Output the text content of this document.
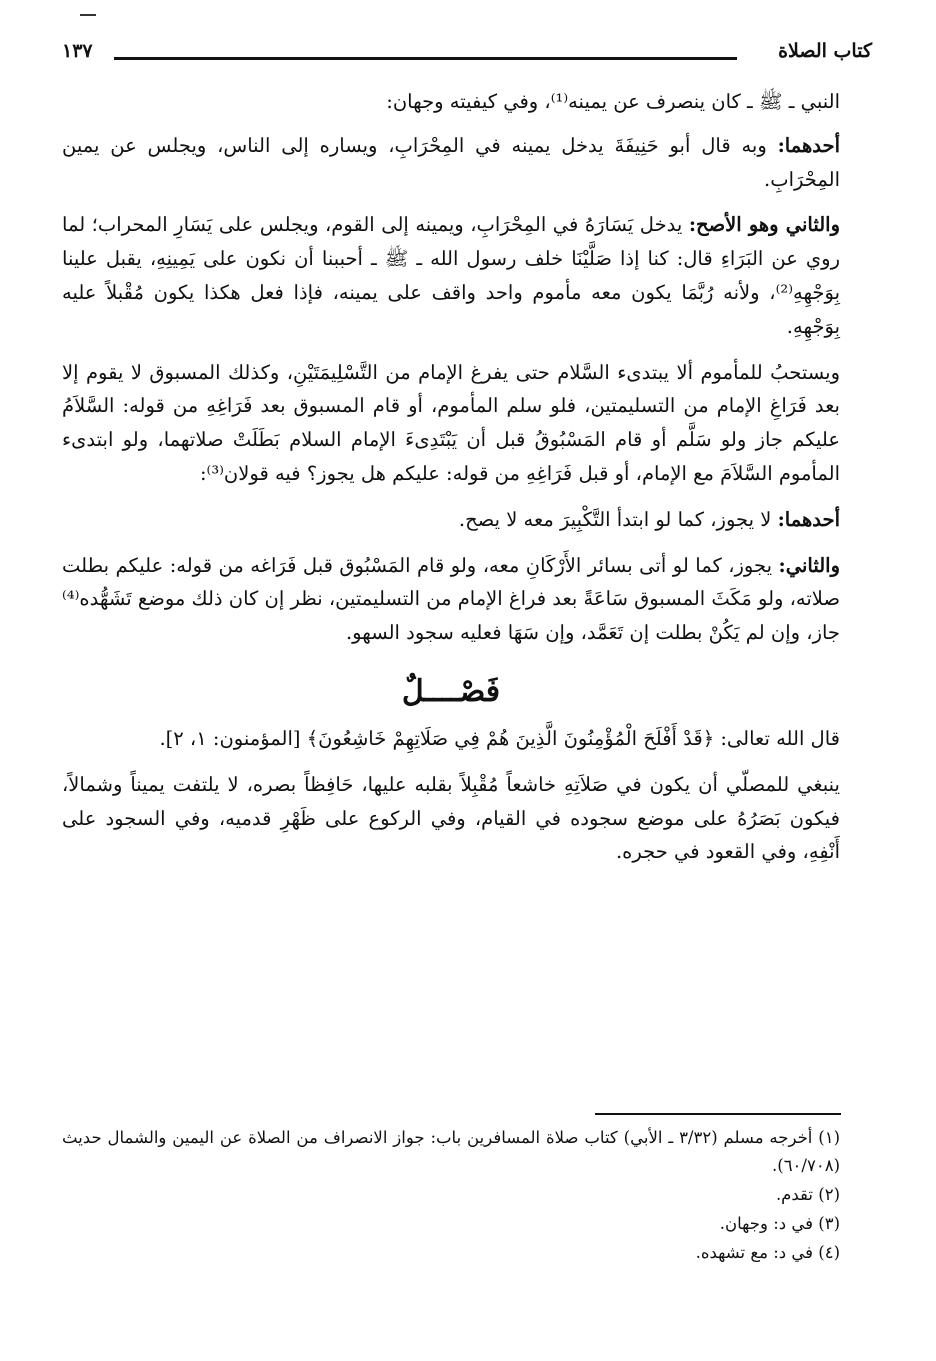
كتاب الصلاة
١٣٧

النبي ـ ﷺ ـ كان ينصرف عن يمينه⁽¹⁾، وفي كيفيته وجهان:

أحدهما: وبه قال أبو حَنِيفَةَ يدخل يمينه في المِحْرَابِ، ويساره إلى الناس، ويجلس عن يمين المِحْرَابِ.

والثاني وهو الأصح: يدخل يَسَارَهُ في المِحْرَابِ، ويمينه إلى القوم، ويجلس على يَسَارِ المحراب؛ لما روي عن البَرَاءِ قال: كنا إذا صَلَّيْنَا خلف رسول الله ـ ﷺ ـ أحببنا أن نكون على يَمِينِهِ، يقبل علينا بِوَجْهِهِ⁽²⁾، ولأنه رُبَّمَا يكون معه مأموم واحد واقف على يمينه، فإذا فعل هكذا يكون مُقْبلاً عليه بِوَجْهِهِ.

ويستحبُ للمأموم ألا يبتدىء السَّلام حتى يفرغ الإمام من التَّسْلِيمَتَيْنِ، وكذلك المسبوق لا يقوم إلا بعد فَرَاغِ الإمام من التسليمتين، فلو سلم المأموم، أو قام المسبوق بعد فَرَاغِهِ من قوله: السَّلاَمُ عليكم جاز ولو سَلَّم أو قام المَسْبُوقُ قبل أن يَبْتَدِىءَ الإمام السلام بَطَلَتْ صلاتهما، ولو ابتدىء المأموم السَّلاَمَ مع الإمام، أو قبل فَرَاغِهِ من قوله: عليكم هل يجوز؟ فيه قولان⁽³⁾:

أحدهما: لا يجوز، كما لو ابتدأ التَّكْبِيرَ معه لا يصح.

والثاني: يجوز، كما لو أتى بسائر الأَرْكَانِ معه، ولو قام المَسْبُوق قبل فَرَاغه من قوله: عليكم بطلت صلاته، ولو مَكَثَ المسبوق سَاعَةً بعد فراغ الإمام من التسليمتين، نظر إن كان ذلك موضع تَشَهُّده⁽⁴⁾ جاز، وإن لم يَكُنْ بطلت إن تَعَمَّد، وإن سَهَا فعليه سجود السهو.

فَصْــــلٌ

قال الله تعالى: ﴿قَدْ أَفْلَحَ الْمُؤْمِنُونَ الَّذِينَ هُمْ فِي صَلَاتِهِمْ خَاشِعُونَ﴾ [المؤمنون: ١، ٢].

ينبغي للمصلّي أن يكون في صَلاَتِهِ خاشعاً مُقْبِلاً بقلبه عليها، حَافِظاً بصره، لا يلتفت يميناً وشمالاً، فيكون بَصَرُهُ على موضع سجوده في القيام، وفي الركوع على ظَهْرِ قدميه، وفي السجود على أَنْفِهِ، وفي القعود في حجره.

(١) أخرجه مسلم (٣/٣٢ ـ الأبي) كتاب صلاة المسافرين باب: جواز الانصراف من الصلاة عن اليمين والشمال حديث (٦٠/٧٠٨).

(٢) تقدم.

(٣) في د: وجهان.

(٤) في د: مع تشهده.
